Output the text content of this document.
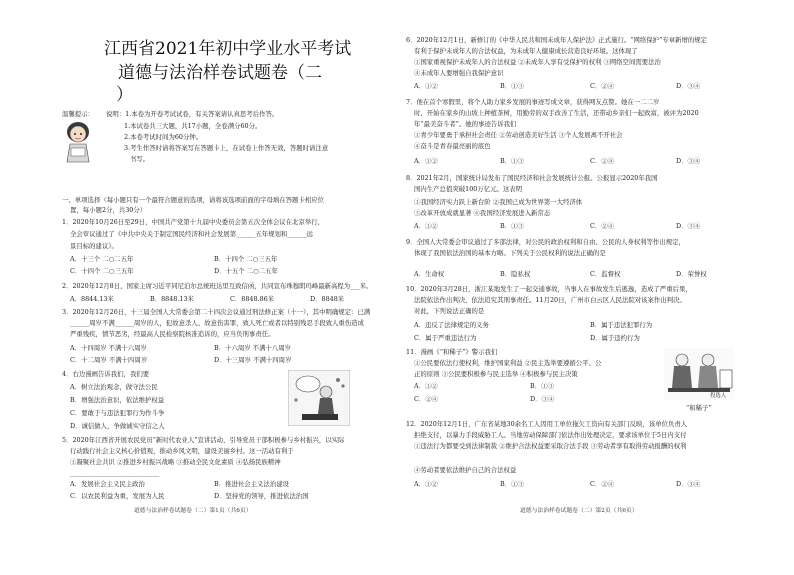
江西省2021年初中学业水平考试
道德与法治样卷试题卷（二
）
温馨提示： 说明：1.本卷为开卷考试试卷，有关答案请认真思考后作答。
1.本试卷共三大题，共17小题，全卷满分60分。
2.本卷考试时间为60分钟。
3.考生作答时请将答案写在答题卡上，在试卷上作答无效，答题时请注意
书写。
一、单项选择（每小题只有一个最符合题意的选项，请将该选项前面的字母填在答题卡相应位
置，每小题2分，共30分）
1．2020年10月26日至29日，中国共产党第十九届中央委员会第五次全体会议在北京举行，
全会审议通过了《中共中央关于制定国民经济和社会发展第______五年规划和______远
景目标的建议》。
A．十三个 二○二五年	B．十四个 二○三五年
C．十四个 二○三五年	D．十五个 二○二五年
2．2020年12月8日，国家主席习近平同尼泊尔总统班达里互致信函，共同宣布珠穆朗玛峰最新高程为___米。
A．8844.13米	B．8848.13米	C．8848.86米	D．8848米
3．2020年12月26日，十三届全国人大常委会第二十四次会议通过刑法修正案（十一），其中明确规定：已满
______周岁不满______周岁的人，犯故意杀人、故意伤害罪，致人死亡或者以特别残忍手段致人重伤造成
严重残疾，情节恶劣，经最高人民检察院核准追诉的，应当负刑事责任。
A．十四周岁 不满十六周岁	B．十六周岁 不满十八周岁
C．十二周岁 不满十四周岁	D．十三周岁 不满十四周岁
4．右边漫画告诉我们，我们要
A．树立法治观念，做守法公民
B．增强法治意识，依法维护权益
C．要敢于与违法犯罪行为作斗争
D．诚信做人，争做诚实守信之人
5．2020年江西省开展农民党员“新时代农业人”宣讲活动，引导党员干部积极参与乡村振兴，以实际
行动践行社会主义核心价值观，推动乡风文明，建设美丽乡村。这一活动有利于
①凝聚社会共识 ②推进乡村振兴战略 ③推动全民文化素质 ④弘扬民族精神
____________________________
A．发展社会主义民主政治	B．推进社会主义法治建设
C．以农民利益为重，发展为人民	D．坚持党的领导，推进依法治国
道德与法治样卷试题卷（二）第1页（共6页）
6．2020年12月1日，新修订的《中华人民共和国未成年人保护法》正式施行。“网络保护”专章新增的规定
有利于保护未成年人的合法权益，为未成年人健康成长营造良好环境。这体现了
①国家重视保护未成年人的合法权益 ②未成年人享有受保护的权利 ③网络空间需要法治
④未成年人要增强自我保护意识
A．①②	B．①③	C．②④	D．③④
7．他在首个寒假里，将个人助力家乡发展的事迹写成文章，获得网友点赞。她在一二二岁
时，开始在家乡的山坡上种植茶树，用勤劳的双手改善了生活，还带动乡亲们一起致富，被评为2020
年“最美奋斗者”。她的事迹告诉我们
①青少年要勇于承担社会责任 ②劳动创造美好生活 ③个人发展离不开社会
④奋斗是青春最亮丽的底色
A．①②	B．①③	C．②④	D．③④
8．2021年2月，国家统计局发布了国民经济和社会发展统计公报。公报显示2020年我国
国内生产总值突破100万亿元。这表明
①我国经济实力跃上新台阶 ②我国已成为世界第一大经济体
③改革开放成就显著 ④我国经济发展进入新常态
A．①②	B．①③	C．②④	D．③④
9．全国人大常委会审议通过了多部法律，对公民的政治权利和自由、公民的人身权利等作出规定，
体现了我国依法治国的基本方略。下列关于公民权利的说法正确的是
A．生命权	B．隐私权	C．监督权	D．荣誉权
10．2020年3月28日，浙江某地发生了一起交通事故，当事人在事故发生后逃逸，造成了严重后果，
法院依法作出判决，依法追究其刑事责任。11月20日，广州市白云区人民法院对该案作出判决。
对此，下列说法正确的是
A．违反了法律规定的义务	B．属于违法犯罪行为
C．属于严重违法行为	D．属于违约行为
11．漫画《“和稀子”》警示我们
①公民要依法行使权利，维护国家利益 ②民主选举要遵循公平、公
正的原则 ③公民要积极参与民主选举 ④积极参与民主决策
A．①②	B．①③
C．②④	D．③④	投选人
“和稀子”
12．2020年12月1日，广东省某地30余名工人因用工单位拖欠工资向有关部门反映，该单位负责人
拒绝支付，以暴力手段威胁工人。当地劳动保障部门依法作出处理决定，要求该单位于5日内支付
①违法行为都要受到法律制裁 ②维护合法权益要采取合法手段 ③劳动者享有取得劳动报酬的权利
④劳动者要依法维护自己的合法权益
A．①②	B．①③	C．②④	D．③④
道德与法治样卷试题卷（二）第2页（共6页）
